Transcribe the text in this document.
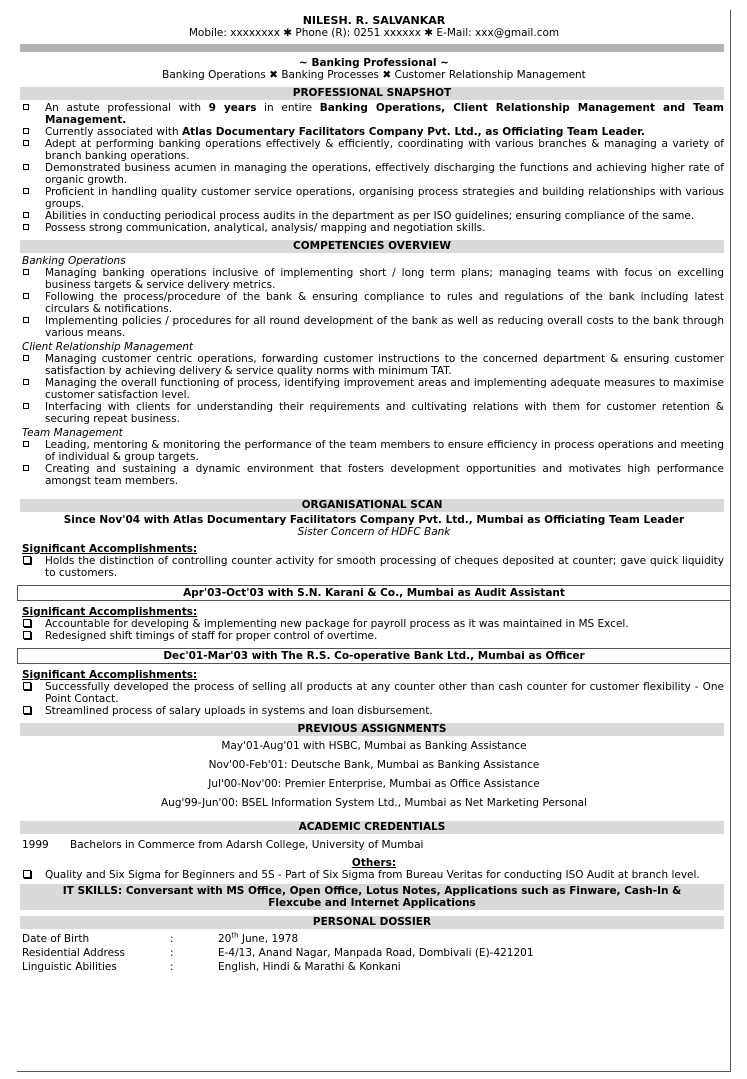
NILESH. R. SALVANKAR
Mobile: xxxxxxxx ✱ Phone (R): 0251 xxxxxx ✱ E-Mail: xxx@gmail.com
~ Banking Professional ~
Banking Operations ✖ Banking Processes ✖ Customer Relationship Management
PROFESSIONAL SNAPSHOT
An astute professional with 9 years in entire Banking Operations, Client Relationship Management and Team Management.
Currently associated with Atlas Documentary Facilitators Company Pvt. Ltd., as Officiating Team Leader.
Adept at performing banking operations effectively & efficiently, coordinating with various branches & managing a variety of branch banking operations.
Demonstrated business acumen in managing the operations, effectively discharging the functions and achieving higher rate of organic growth.
Proficient in handling quality customer service operations, organising process strategies and building relationships with various groups.
Abilities in conducting periodical process audits in the department as per ISO guidelines; ensuring compliance of the same.
Possess strong communication, analytical, analysis/ mapping and negotiation skills.
COMPETENCIES OVERVIEW
Banking Operations
Managing banking operations inclusive of implementing short / long term plans; managing teams with focus on excelling business targets & service delivery metrics.
Following the process/procedure of the bank & ensuring compliance to rules and regulations of the bank including latest circulars & notifications.
Implementing policies / procedures for all round development of the bank as well as reducing overall costs to the bank through various means.
Client Relationship Management
Managing customer centric operations, forwarding customer instructions to the concerned department & ensuring customer satisfaction by achieving delivery & service quality norms with minimum TAT.
Managing the overall functioning of process, identifying improvement areas and implementing adequate measures to maximise customer satisfaction level.
Interfacing with clients for understanding their requirements and cultivating relations with them for customer retention & securing repeat business.
Team Management
Leading, mentoring & monitoring the performance of the team members to ensure efficiency in process operations and meeting of individual & group targets.
Creating and sustaining a dynamic environment that fosters development opportunities and motivates high performance amongst team members.
ORGANISATIONAL SCAN
Since Nov'04 with Atlas Documentary Facilitators Company Pvt. Ltd., Mumbai as Officiating Team Leader
Sister Concern of HDFC Bank
Significant Accomplishments:
Holds the distinction of controlling counter activity for smooth processing of cheques deposited at counter; gave quick liquidity to customers.
Apr'03-Oct'03 with S.N. Karani & Co., Mumbai as Audit Assistant
Significant Accomplishments:
Accountable for developing & implementing new package for payroll process as it was maintained in MS Excel.
Redesigned shift timings of staff for proper control of overtime.
Dec'01-Mar'03 with The R.S. Co-operative Bank Ltd., Mumbai as Officer
Significant Accomplishments:
Successfully developed the process of selling all products at any counter other than cash counter for customer flexibility - One Point Contact.
Streamlined process of salary uploads in systems and loan disbursement.
PREVIOUS ASSIGNMENTS
May'01-Aug'01 with HSBC, Mumbai as Banking Assistance
Nov'00-Feb'01: Deutsche Bank, Mumbai as Banking Assistance
Jul'00-Nov'00: Premier Enterprise, Mumbai as Office Assistance
Aug'99-Jun'00: BSEL Information System Ltd., Mumbai as Net Marketing Personal
ACADEMIC CREDENTIALS
1999	Bachelors in Commerce from Adarsh College, University of Mumbai
Others:
Quality and Six Sigma for Beginners and 5S - Part of Six Sigma from Bureau Veritas for conducting ISO Audit at branch level.
IT SKILLS: Conversant with MS Office, Open Office, Lotus Notes, Applications such as Finware, Cash-In & Flexcube and Internet Applications
PERSONAL DOSSIER
Date of Birth	:	20th June, 1978
Residential Address	:	E-4/13, Anand Nagar, Manpada Road, Dombivali (E)-421201
Linguistic Abilities	:	English, Hindi & Marathi & Konkani
